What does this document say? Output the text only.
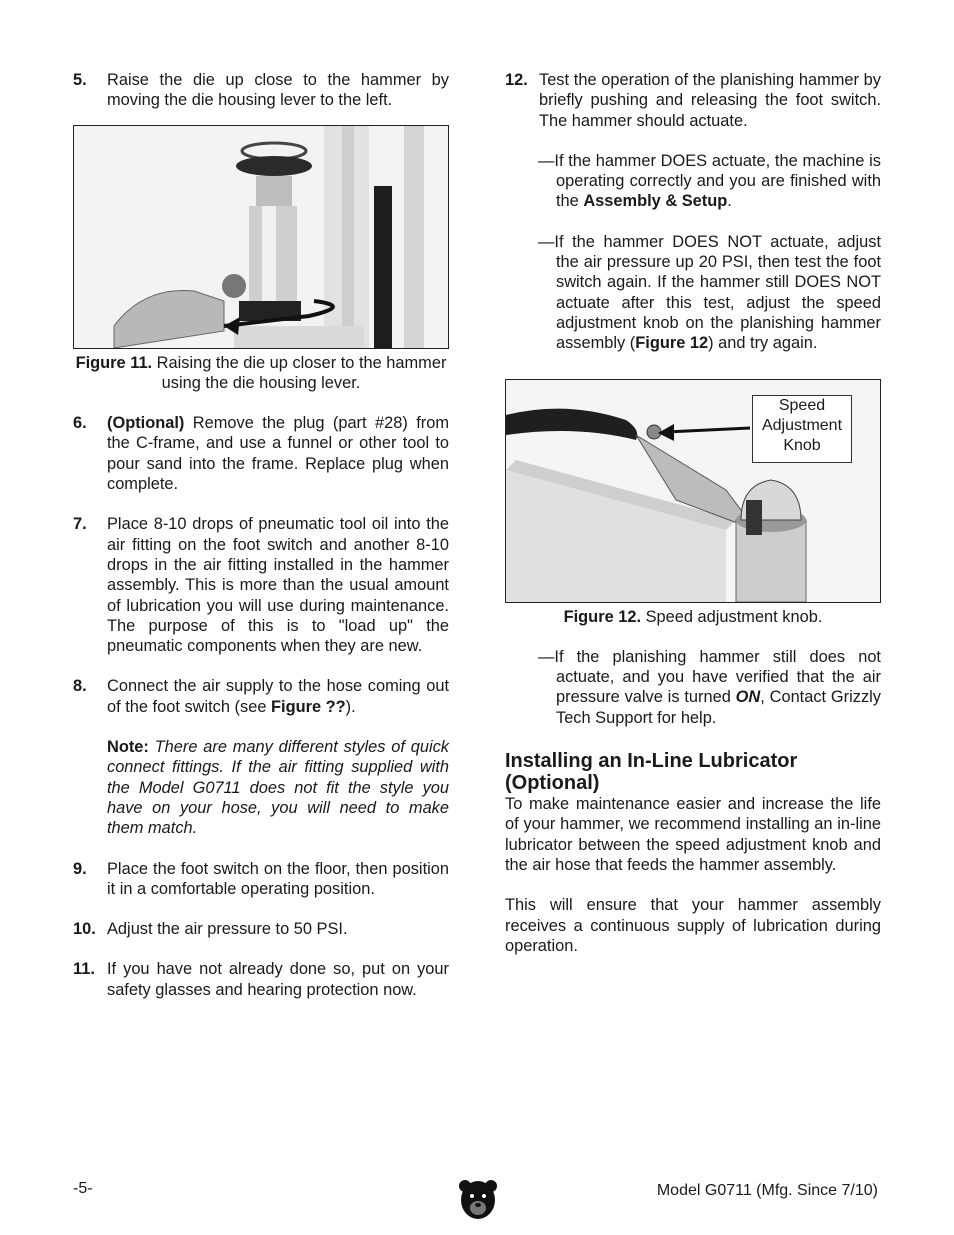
5. Raise the die up close to the hammer by moving the die housing lever to the left.
Figure 11. Raising the die up closer to the hammer using the die housing lever.
6. (Optional) Remove the plug (part #28) from the C-frame, and use a funnel or other tool to pour sand into the frame. Replace plug when complete.
7. Place 8-10 drops of pneumatic tool oil into the air fitting on the foot switch and another 8-10 drops in the air fitting installed in the hammer assembly. This is more than the usual amount of lubrication you will use during maintenance. The purpose of this is to "load up" the pneumatic components when they are new.
8. Connect the air supply to the hose coming out of the foot switch (see Figure ??).
Note: There are many different styles of quick connect fittings. If the air fitting supplied with the Model G0711 does not fit the style you have on your hose, you will need to make them match.
9. Place the foot switch on the floor, then position it in a comfortable operating position.
10. Adjust the air pressure to 50 PSI.
11. If you have not already done so, put on your safety glasses and hearing protection now.
12. Test the operation of the planishing hammer by briefly pushing and releasing the foot switch. The hammer should actuate.
—If the hammer DOES actuate, the machine is operating correctly and you are finished with the Assembly & Setup.
—If the hammer DOES NOT actuate, adjust the air pressure up 20 PSI, then test the foot switch again. If the hammer still DOES NOT actuate after this test, adjust the speed adjustment knob on the planishing hammer assembly (Figure 12) and try again.
Speed
Adjustment
Knob
Figure 12. Speed adjustment knob.
—If the planishing hammer still does not actuate, and you have verified that the air pressure valve is turned ON, Contact Grizzly Tech Support for help.
Installing an In-Line Lubricator
(Optional)
To make maintenance easier and increase the life of your hammer, we recommend installing an in-line lubricator between the speed adjustment knob and the air hose that feeds the hammer assembly.
This will ensure that your hammer assembly receives a continuous supply of lubrication during operation.
-5-	Model G0711 (Mfg. Since 7/10)
